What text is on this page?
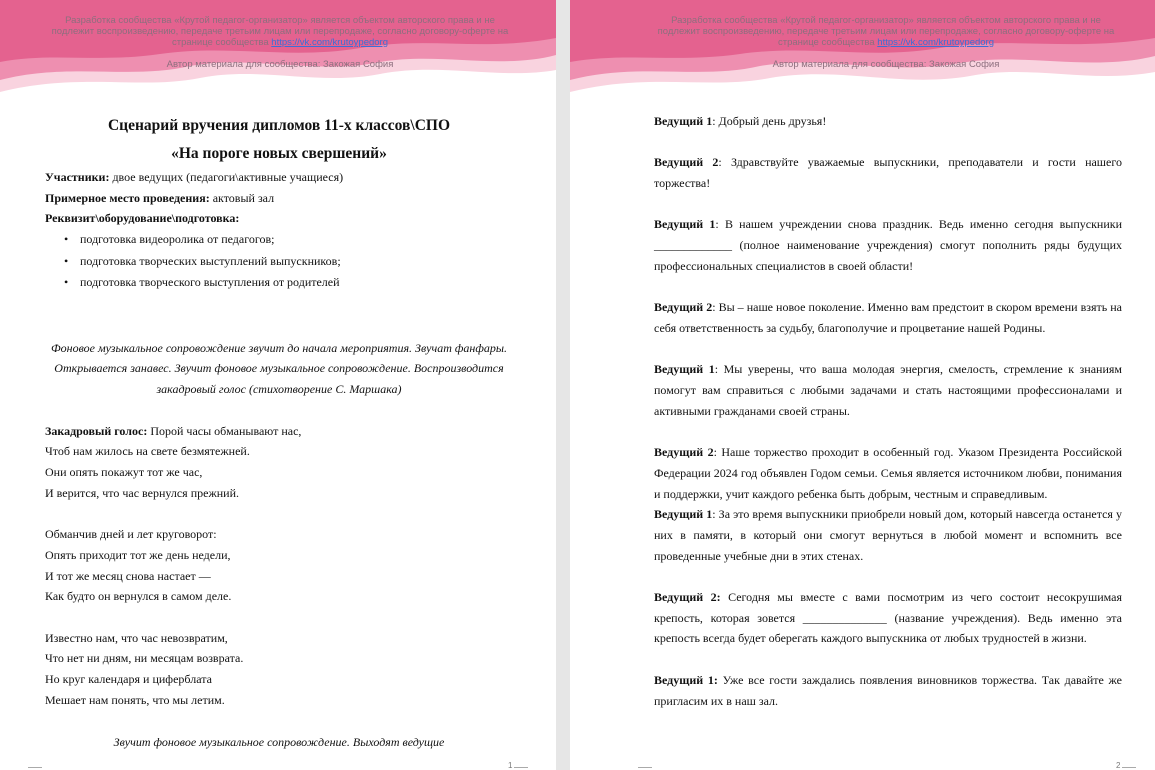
Разработка сообщества «Крутой педагог-организатор» является объектом авторского права и не подлежит воспроизведению, передаче третьим лицам или перепродаже, согласно договору-оферте на странице сообщества https://vk.com/krutoypedorg
Автор материала для сообщества: Закожая София

Сценарий вручения дипломов 11-х классов\СПО

«На пороге новых свершений»

Участники: двое ведущих (педагоги\активные учащиеся)

Примерное место проведения: актовый зал

Реквизит\оборудование\подготовка:

• подготовка видеоролика от педагогов;
• подготовка творческих выступлений выпускников;
• подготовка творческого выступления от родителей
Фоновое музыкальное сопровождение звучит до начала мероприятия. Звучат фанфары. Открывается занавес. Звучит фоновое музыкальное сопровождение. Воспроизводится закадровый голос (стихотворение С. Маршака)

Закадровый голос: Порой часы обманывают нас,

Чтоб нам жилось на свете безмятежней.

Они опять покажут тот же час,

И верится, что час вернулся прежний.

Обманчив дней и лет круговорот:

Опять приходит тот же день недели,

И тот же месяц снова настает —

Как будто он вернулся в самом деле.

Известно нам, что час невозвратим,

Что нет ни дням, ни месяцам возврата.

Но круг календаря и циферблата

Мешает нам понять, что мы летим.

Звучит фоновое музыкальное сопровождение. Выходят ведущие
1
Разработка сообщества «Крутой педагог-организатор» является объектом авторского права и не подлежит воспроизведению, передаче третьим лицам или перепродаже, согласно договору-оферте на странице сообщества https://vk.com/krutoypedorg
Автор материала для сообщества: Закожая София

Ведущий 1: Добрый день друзья!

Ведущий 2: Здравствуйте уважаемые выпускники, преподаватели и гости нашего торжества!

Ведущий 1: В нашем учреждении снова праздник. Ведь именно сегодня выпускники _____________ (полное наименование учреждения) смогут пополнить ряды будущих профессиональных специалистов в своей области!

Ведущий 2: Вы – наше новое поколение. Именно вам предстоит в скором времени взять на себя ответственность за судьбу, благополучие и процветание нашей Родины.

Ведущий 1: Мы уверены, что ваша молодая энергия, смелость, стремление к знаниям помогут вам справиться с любыми задачами и стать настоящими профессионалами и активными гражданами своей страны.

Ведущий 2: Наше торжество проходит в особенный год. Указом Президента Российской Федерации 2024 год объявлен Годом семьи. Семья является источником любви, понимания и поддержки, учит каждого ребенка быть добрым, честным и справедливым.

Ведущий 1: За это время выпускники приобрели новый дом, который навсегда останется у них в памяти, в который они смогут вернуться в любой момент и вспомнить все проведенные учебные дни в этих стенах.

Ведущий 2: Сегодня мы вместе с вами посмотрим из чего состоит несокрушимая крепость, которая зовется ______________ (название учреждения). Ведь именно эта крепость всегда будет оберегать каждого выпускника от любых трудностей в жизни.

Ведущий 1: Уже все гости заждались появления виновников торжества. Так давайте же пригласим их в наш зал.

2
